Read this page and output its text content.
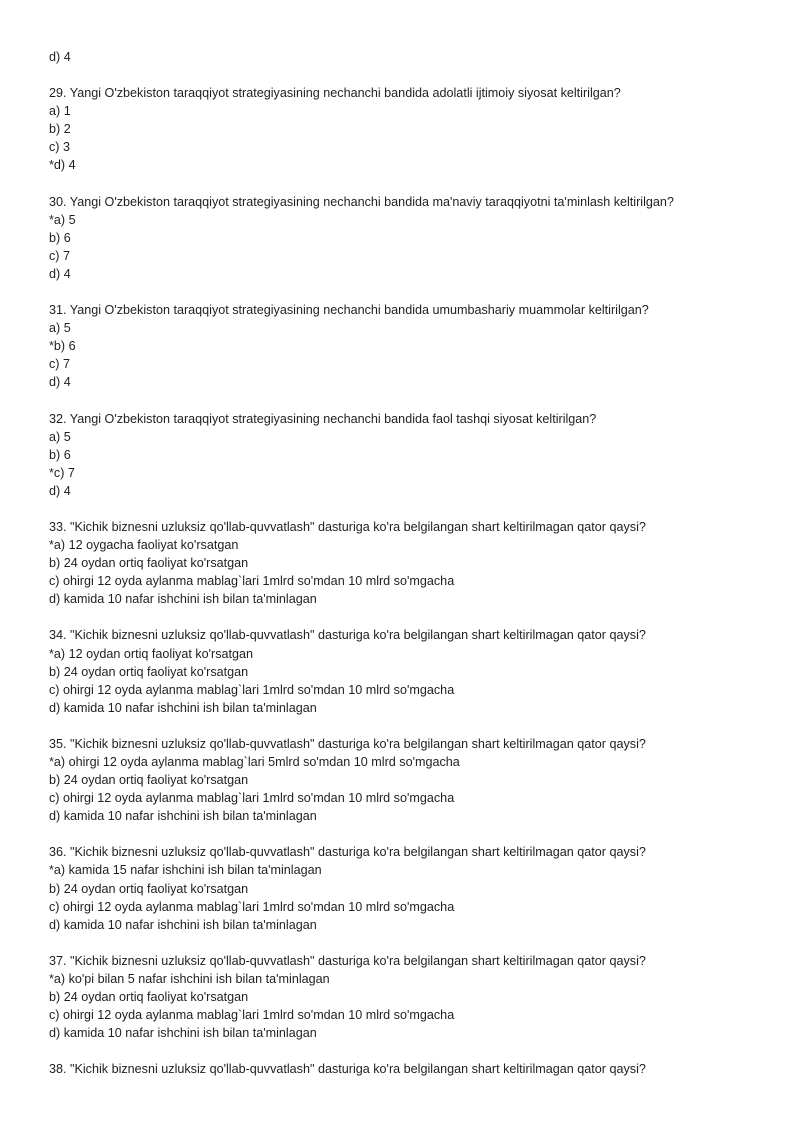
d) 4
29. Yangi O'zbekiston taraqqiyot strategiyasining nechanchi bandida adolatli ijtimoiy siyosat keltirilgan?
a) 1
b) 2
c) 3
*d) 4
30. Yangi O'zbekiston taraqqiyot strategiyasining nechanchi bandida ma'naviy taraqqiyotni ta'minlash keltirilgan?
*a) 5
b) 6
c) 7
d) 4
31. Yangi O'zbekiston taraqqiyot strategiyasining nechanchi bandida umumbashariy muammolar keltirilgan?
a) 5
*b) 6
c) 7
d) 4
32. Yangi O'zbekiston taraqqiyot strategiyasining nechanchi bandida faol tashqi siyosat keltirilgan?
a) 5
b) 6
*c) 7
d) 4
33. "Kichik biznesni uzluksiz qo'llab-quvvatlash" dasturiga ko'ra belgilangan shart keltirilmagan qator qaysi?
*a) 12 oygacha faoliyat ko'rsatgan
b) 24 oydan ortiq faoliyat ko'rsatgan
c) ohirgi 12 oyda aylanma mablag`lari 1mlrd so'mdan 10 mlrd so'mgacha
d) kamida 10 nafar ishchini ish bilan ta'minlagan
34. "Kichik biznesni uzluksiz qo'llab-quvvatlash" dasturiga ko'ra belgilangan shart keltirilmagan qator qaysi?
*a) 12 oydan ortiq faoliyat ko'rsatgan
b) 24 oydan ortiq faoliyat ko'rsatgan
c) ohirgi 12 oyda aylanma mablag`lari 1mlrd so'mdan 10 mlrd so'mgacha
d) kamida 10 nafar ishchini ish bilan ta'minlagan
35. "Kichik biznesni uzluksiz qo'llab-quvvatlash" dasturiga ko'ra belgilangan shart keltirilmagan qator qaysi?
*a) ohirgi 12 oyda aylanma mablag`lari 5mlrd so'mdan 10 mlrd so'mgacha
b) 24 oydan ortiq faoliyat ko'rsatgan
c) ohirgi 12 oyda aylanma mablag`lari 1mlrd so'mdan 10 mlrd so'mgacha
d) kamida 10 nafar ishchini ish bilan ta'minlagan
36. "Kichik biznesni uzluksiz qo'llab-quvvatlash" dasturiga ko'ra belgilangan shart keltirilmagan qator qaysi?
*a) kamida 15 nafar ishchini ish bilan ta'minlagan
b) 24 oydan ortiq faoliyat ko'rsatgan
c) ohirgi 12 oyda aylanma mablag`lari 1mlrd so'mdan 10 mlrd so'mgacha
d) kamida 10 nafar ishchini ish bilan ta'minlagan
37. "Kichik biznesni uzluksiz qo'llab-quvvatlash" dasturiga ko'ra belgilangan shart keltirilmagan qator qaysi?
*a) ko'pi bilan 5 nafar ishchini ish bilan ta'minlagan
b) 24 oydan ortiq faoliyat ko'rsatgan
c) ohirgi 12 oyda aylanma mablag`lari 1mlrd so'mdan 10 mlrd so'mgacha
d) kamida 10 nafar ishchini ish bilan ta'minlagan
38. "Kichik biznesni uzluksiz qo'llab-quvvatlash" dasturiga ko'ra belgilangan shart keltirilmagan qator qaysi?
